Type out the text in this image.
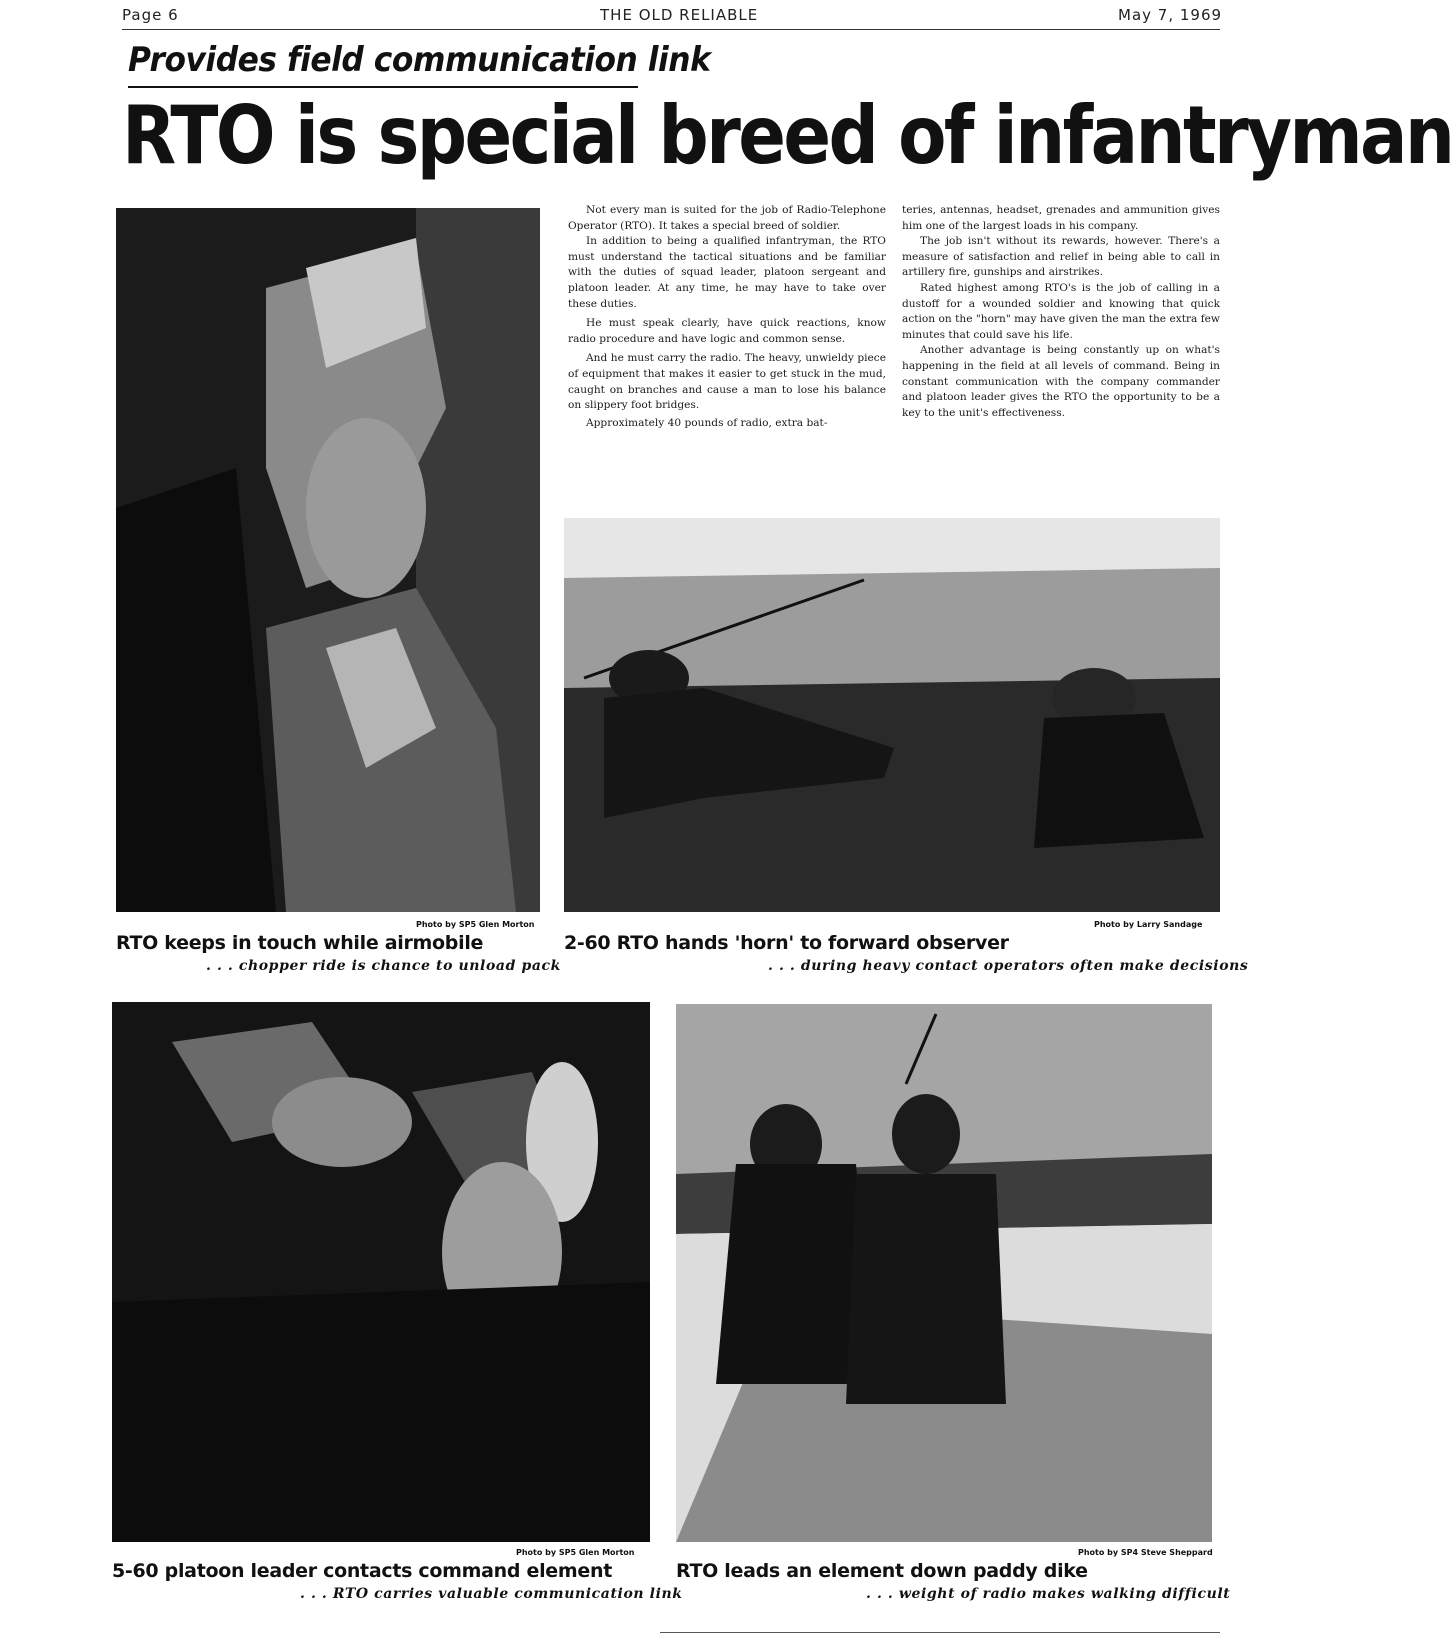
Page 6	THE OLD RELIABLE	May 7, 1969
Provides field communication link
RTO is special breed of infantryman

Not every man is suited for the job of Radio-Telephone Operator (RTO). It takes a special breed of soldier.

In addition to being a qualified infantryman, the RTO must understand the tactical situations and be familiar with the duties of squad leader, platoon sergeant and platoon leader. At any time, he may have to take over these duties.

He must speak clearly, have quick reactions, know radio procedure and have logic and common sense.

And he must carry the radio. The heavy, unwieldy piece of equipment that makes it easier to get stuck in the mud, caught on branches and cause a man to lose his balance on slippery foot bridges.

Approximately 40 pounds of radio, extra bat-

teries, antennas, headset, grenades and ammunition gives him one of the largest loads in his company.

The job isn't without its rewards, however. There's a measure of satisfaction and relief in being able to call in artillery fire, gunships and airstrikes.

Rated highest among RTO's is the job of calling in a dustoff for a wounded soldier and knowing that quick action on the "horn" may have given the man the extra few minutes that could save his life.

Another advantage is being constantly up on what's happening in the field at all levels of command. Being in constant communication with the company commander and platoon leader gives the RTO the opportunity to be a key to the unit's effectiveness.

Photo by SP5 Glen Morton
RTO keeps in touch while airmobile
. . . chopper ride is chance to unload pack
Photo by Larry Sandage
2-60 RTO hands 'horn' to forward observer
. . . during heavy contact operators often make decisions
Photo by SP5 Glen Morton
5-60 platoon leader contacts command element
. . . RTO carries valuable communication link
Photo by SP4 Steve Sheppard
RTO leads an element down paddy dike
. . . weight of radio makes walking difficult
